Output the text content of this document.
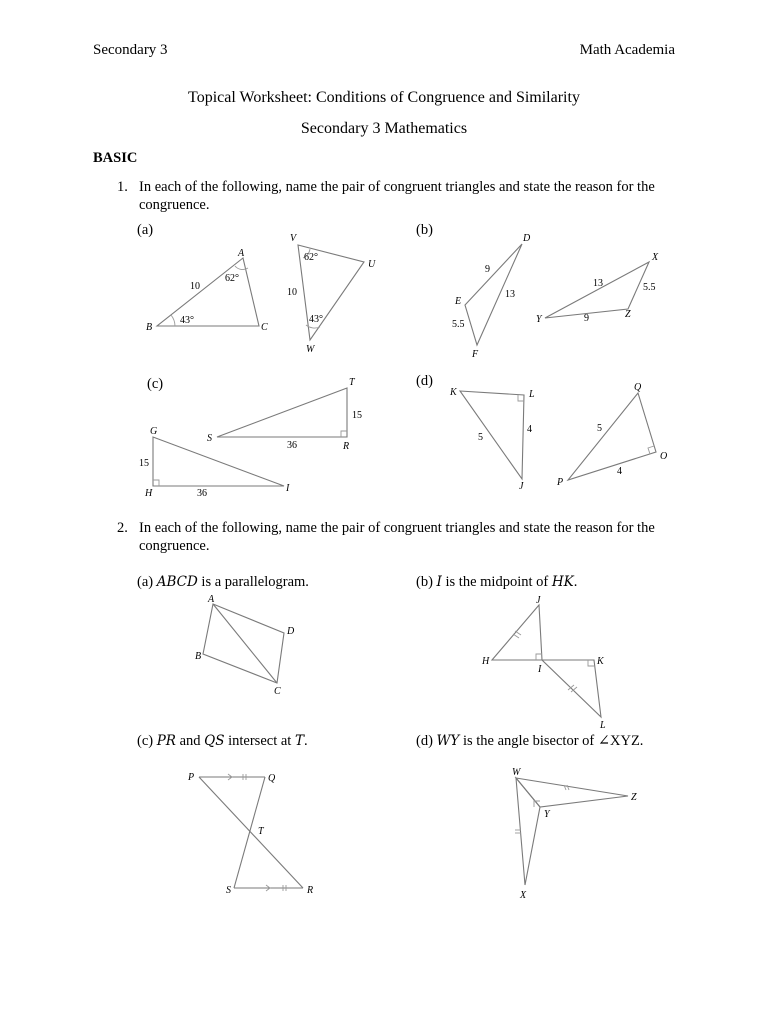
Secondary 3	Math Academia
Topical Worksheet: Conditions of Congruence and Similarity
Secondary 3 Mathematics
BASIC
1. In each of the following, name the pair of congruent triangles and state the reason for the congruence.
(a)	(b)
(c)	(d)
A
B	C
10
62°
43°
V
U
W
10
62°
43°
D
E
F
9
13
5.5
X
Y	Z
13	5.5
9
T
S
R
15
36
G
H	I
15
36
K	L
J
5
4
Q
O
P
5
4
2. In each of the following, name the pair of congruent triangles and state the reason for the congruence.
(a) ABCD is a parallelogram.	(b) I is the midpoint of HK.
(c) PR and QS intersect at T.	(d) WY is the angle bisector of ∠XYZ.
A
B
C
D
J
H
I
K
L
P	Q
T
S	R
W
Z
Y
X
